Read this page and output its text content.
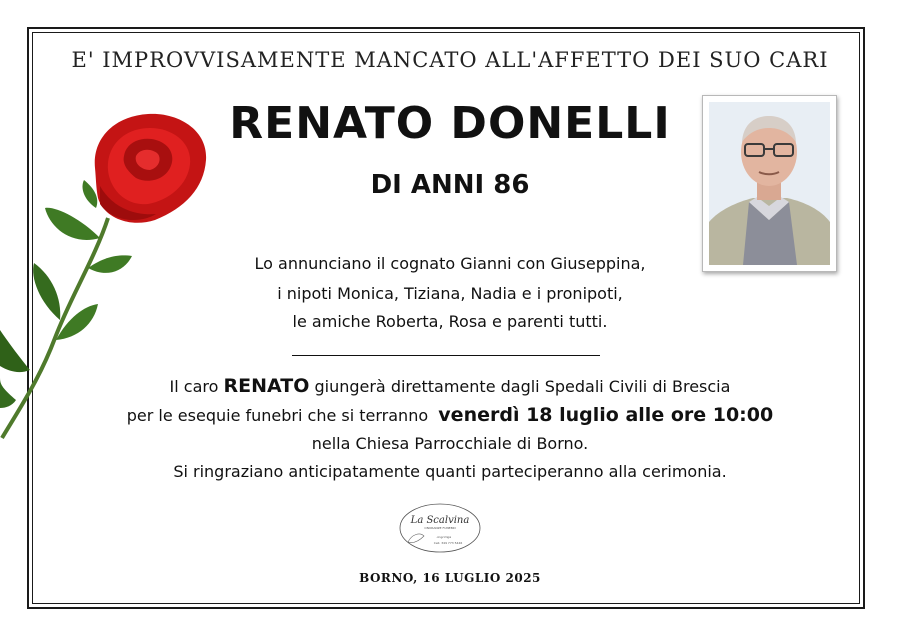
E' IMPROVVISAMENTE MANCATO ALL'AFFETTO DEI SUO CARI
RENATO DONELLI
DI ANNI 86
Lo annunciano il cognato Gianni con Giuseppina,
i nipoti Monica, Tiziana, Nadia e i pronipoti,
le amiche Roberta, Rosa e parenti tutti.
Il caro RENATO giungerà direttamente dagli Spedali Civili di Brescia
per le esequie funebri che si terranno venerdì 18 luglio alle ore 10:00
nella Chiesa Parrocchiale di Borno.
Si ringraziano anticipatamente quanti parteciperanno alla cerimonia.
La Scalvina
ONORANZE FUNEBRI
Angi Diga
Cell. 349 773 5446
BORNO, 16 LUGLIO 2025
